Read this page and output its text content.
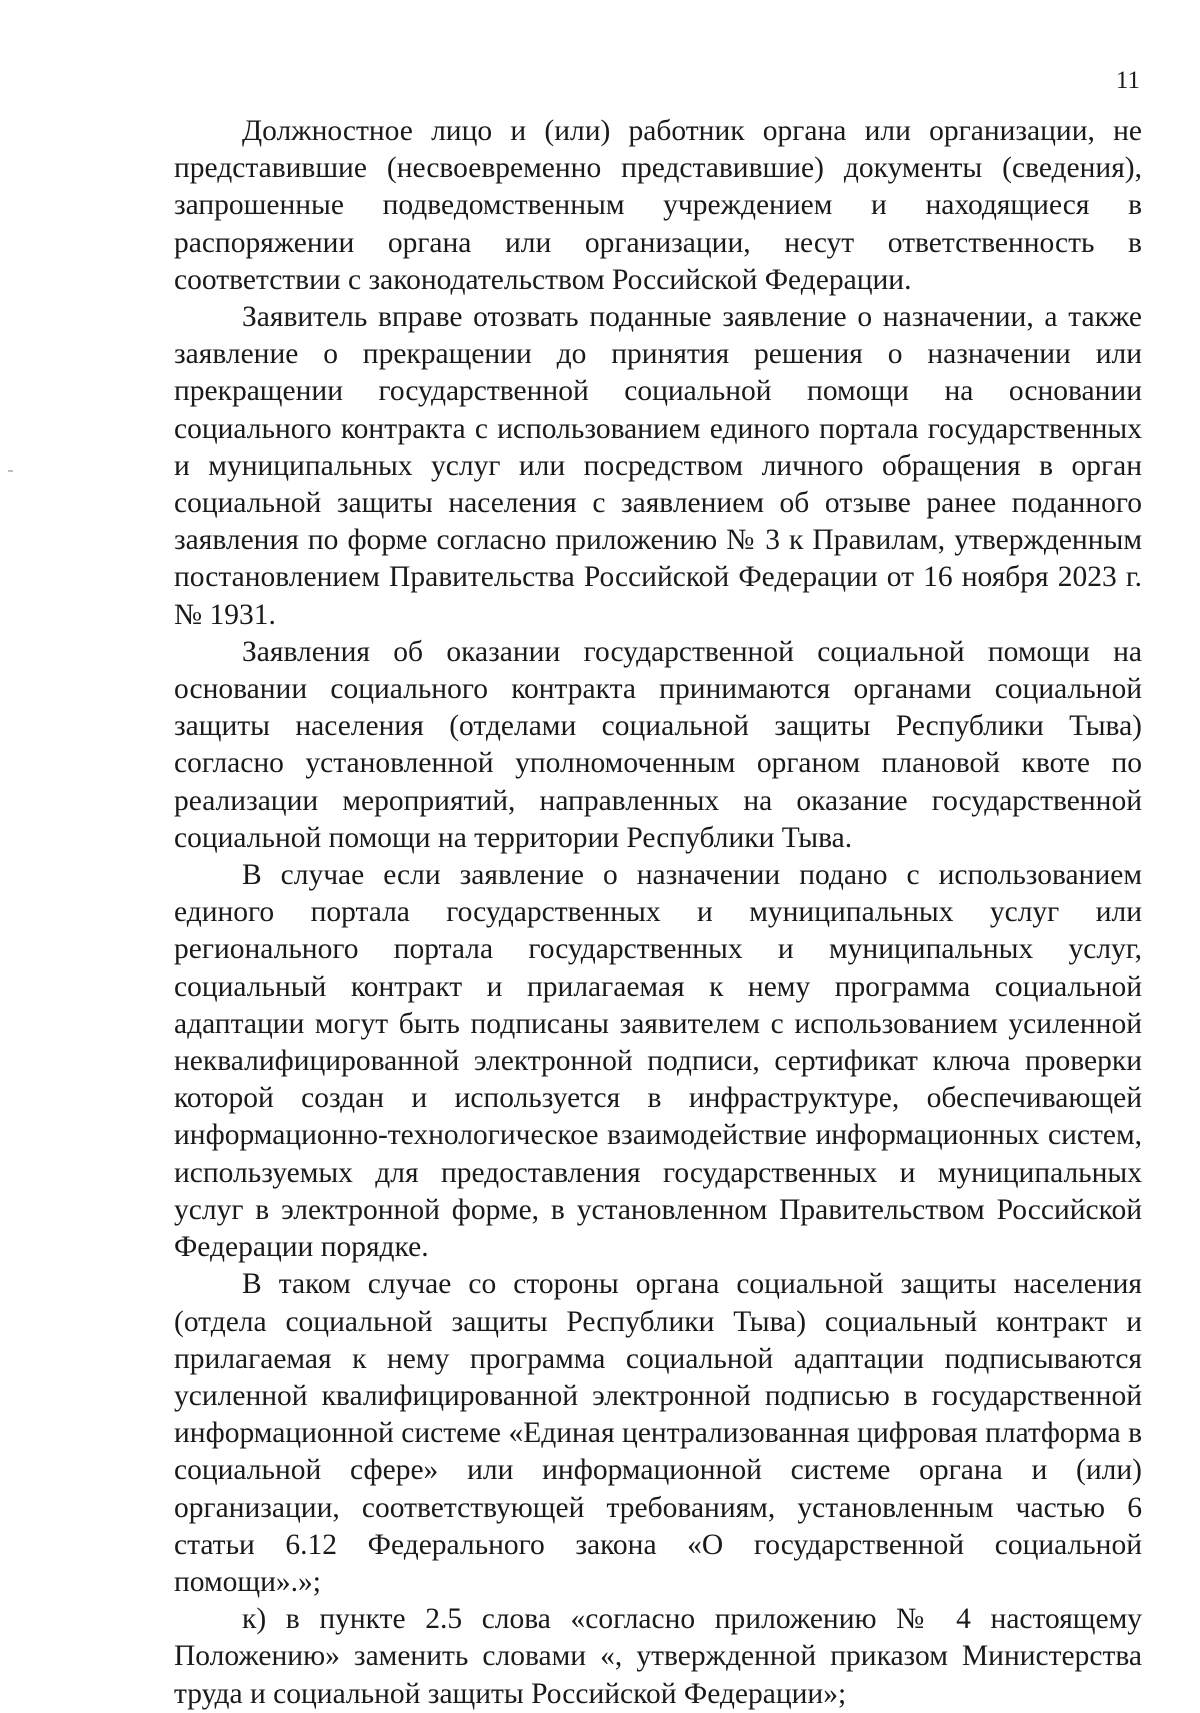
11

Должностное лицо и (или) работник органа или организации, не представившие (несвоевременно представившие) документы (сведения), запрошенные подведомственным учреждением и находящиеся в распоряжении органа или организации, несут ответственность в соответствии с законодательством Российской Федерации.

Заявитель вправе отозвать поданные заявление о назначении, а также заявление о прекращении до принятия решения о назначении или прекращении государственной социальной помощи на основании социального контракта с использованием единого портала государственных и муниципальных услуг или посредством личного обращения в орган социальной защиты населения с заявлением об отзыве ранее поданного заявления по форме согласно приложению № 3 к Правилам, утвержденным постановлением Правительства Российской Федерации от 16 ноября 2023 г. № 1931.

Заявления об оказании государственной социальной помощи на основании социального контракта принимаются органами социальной защиты населения (отделами социальной защиты Республики Тыва) согласно установленной уполномоченным органом плановой квоте по реализации мероприятий, направленных на оказание государственной социальной помощи на территории Республики Тыва.

В случае если заявление о назначении подано с использованием единого портала государственных и муниципальных услуг или регионального портала государственных и муниципальных услуг, социальный контракт и прилагаемая к нему программа социальной адаптации могут быть подписаны заявителем с использованием усиленной неквалифицированной электронной подписи, сертификат ключа проверки которой создан и используется в инфраструктуре, обеспечивающей информационно-технологическое взаимодействие информационных систем, используемых для предоставления государственных и муниципальных услуг в электронной форме, в установленном Правительством Российской Федерации порядке.

В таком случае со стороны органа социальной защиты населения (отдела социальной защиты Республики Тыва) социальный контракт и прилагаемая к нему программа социальной адаптации подписываются усиленной квалифицированной электронной подписью в государственной информационной системе «Единая централизованная цифровая платформа в социальной сфере» или информационной системе органа и (или) организации, соответствующей требованиям, установленным частью 6 статьи 6.12 Федерального закона «О государственной социальной помощи».»;

к) в пункте 2.5 слова «согласно приложению № 4 настоящему Положению» заменить словами «, утвержденной приказом Министерства труда и социальной защиты Российской Федерации»;
